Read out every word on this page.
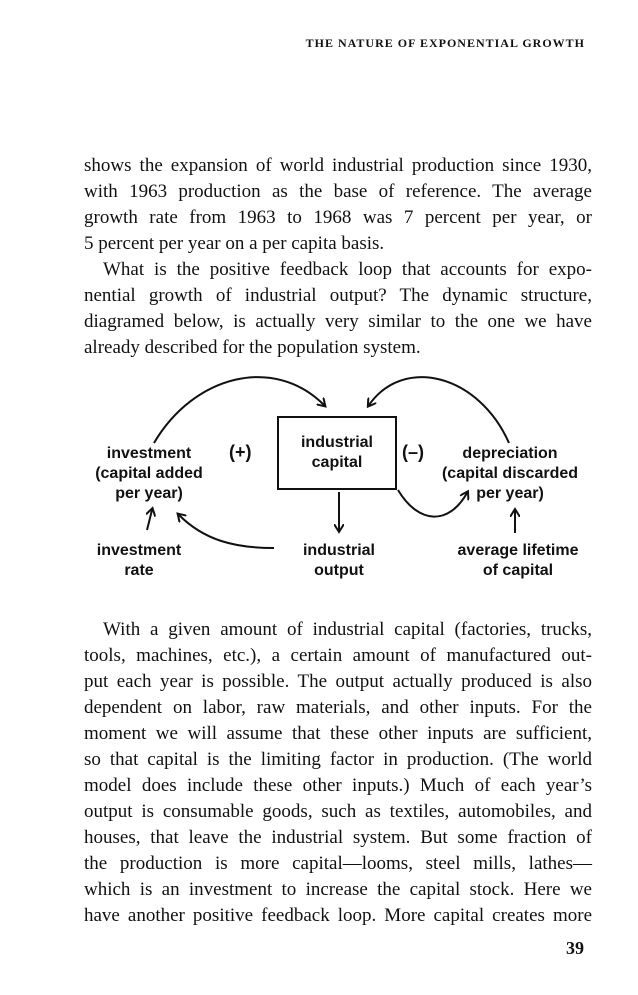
THE NATURE OF EXPONENTIAL GROWTH
shows the expansion of world industrial production since 1930,
with 1963 production as the base of reference. The average
growth rate from 1963 to 1968 was 7 percent per year, or
5 percent per year on a per capita basis.
What is the positive feedback loop that accounts for expo-
nential growth of industrial output? The dynamic structure,
diagramed below, is actually very similar to the one we have
already described for the population system.
investment
(capital added
per year)
(+)	industrial
capital
(–)	depreciation
(capital discarded
per year)
investment
rate
industrial
output
average lifetime
of capital
With a given amount of industrial capital (factories, trucks,
tools, machines, etc.), a certain amount of manufactured out-
put each year is possible. The output actually produced is also
dependent on labor, raw materials, and other inputs. For the
moment we will assume that these other inputs are sufficient,
so that capital is the limiting factor in production. (The world
model does include these other inputs.) Much of each year’s
output is consumable goods, such as textiles, automobiles, and
houses, that leave the industrial system. But some fraction of
the production is more capital—looms, steel mills, lathes—
which is an investment to increase the capital stock. Here we
have another positive feedback loop. More capital creates more
39
